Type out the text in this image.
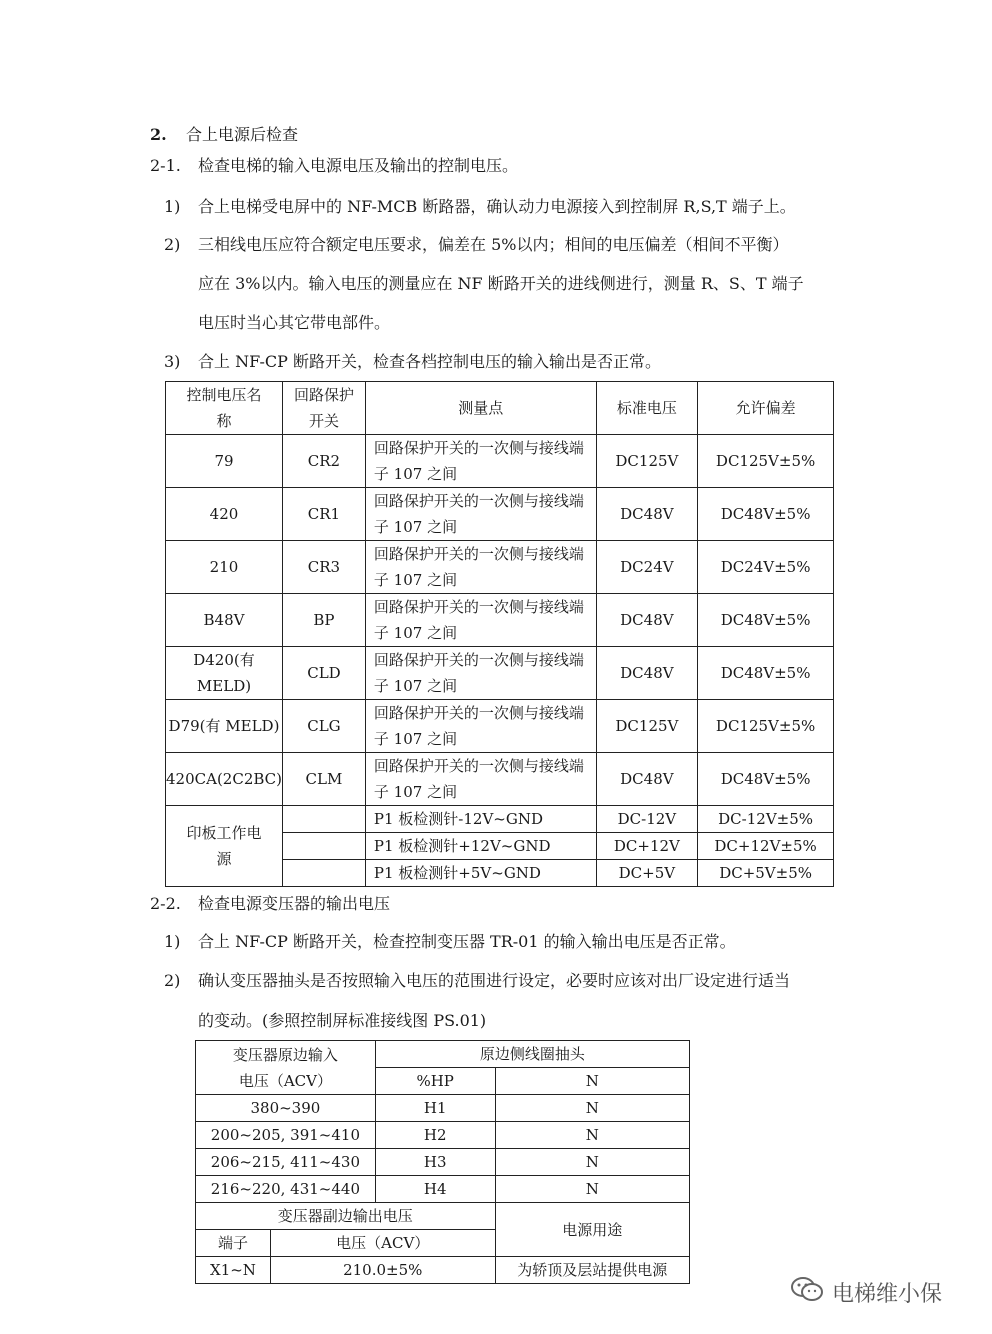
2. 合上电源后检查
2-1. 检查电梯的输入电源电压及输出的控制电压。
1) 合上电梯受电屏中的 NF-MCB 断路器，确认动力电源接入到控制屏 R,S,T 端子上。
2) 三相线电压应符合额定电压要求，偏差在 5%以内；相间的电压偏差（相间不平衡）
应在 3%以内。输入电压的测量应在 NF 断路开关的进线侧进行，测量 R、S、T 端子
电压时当心其它带电部件。
3) 合上 NF-CP 断路开关，检查各档控制电压的输入输出是否正常。
控制电压名称	回路保护开关	测量点	标准电压	允许偏差
79	CR2	回路保护开关的一次侧与接线端子 107 之间	DC125V	DC125V±5%
420	CR1	回路保护开关的一次侧与接线端子 107 之间	DC48V	DC48V±5%
210	CR3	回路保护开关的一次侧与接线端子 107 之间	DC24V	DC24V±5%
B48V	BP	回路保护开关的一次侧与接线端子 107 之间	DC48V	DC48V±5%
D420(有 MELD)	CLD	回路保护开关的一次侧与接线端子 107 之间	DC48V	DC48V±5%
D79(有 MELD)	CLG	回路保护开关的一次侧与接线端子 107 之间	DC125V	DC125V±5%
420CA(2C2BC)	CLM	回路保护开关的一次侧与接线端子 107 之间	DC48V	DC48V±5%
印板工作电源		P1 板检测针-12V~GND	DC-12V	DC-12V±5%
		P1 板检测针+12V~GND	DC+12V	DC+12V±5%
		P1 板检测针+5V~GND	DC+5V	DC+5V±5%
2-2. 检查电源变压器的输出电压
1) 合上 NF-CP 断路开关，检查控制变压器 TR-01 的输入输出电压是否正常。
2) 确认变压器抽头是否按照输入电压的范围进行设定，必要时应该对出厂设定进行适当
的变动。(参照控制屏标准接线图 PS.01)
变压器原边输入电压（ACV）		原边侧线圈抽头	
		%HP	N
380~390		H1	N
200~205, 391~410		H2	N
206~215, 411~430		H3	N
216~220, 431~440		H4	N
变压器副边输出电压			电源用途
端子	电压（ACV）		
X1~N	210.0±5%		为轿顶及层站提供电源
电梯维小保
